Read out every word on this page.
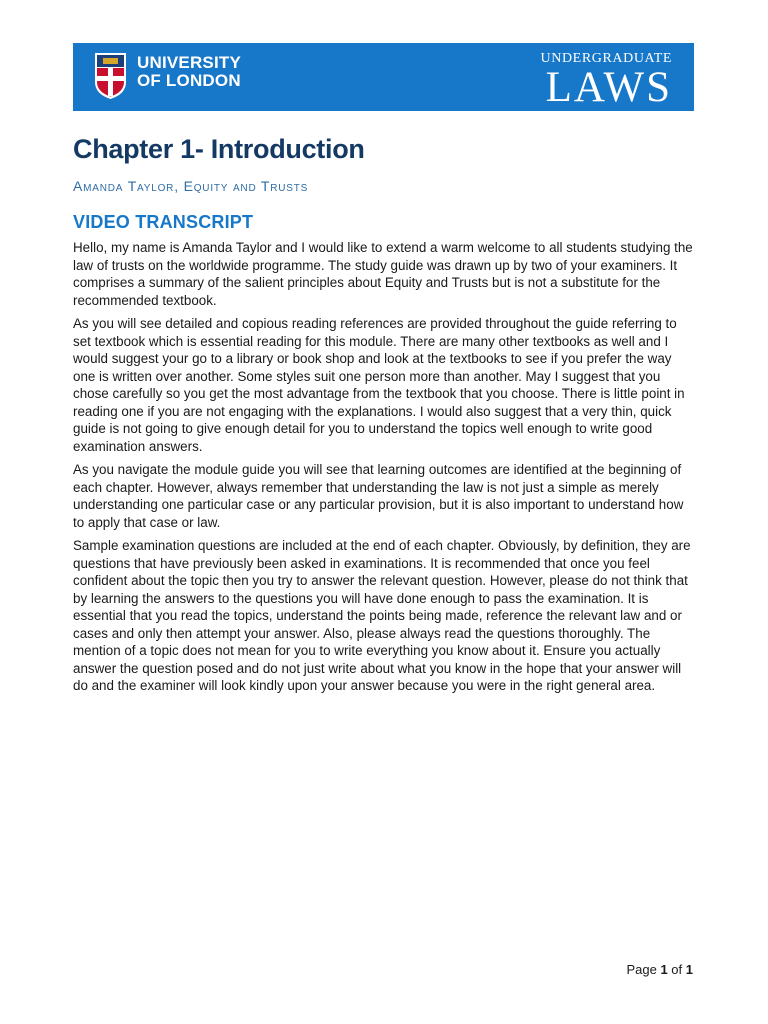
UNIVERSITY
OF LONDON
UNDERGRADUATE
LAWS
Chapter 1- Introduction
Amanda Taylor, Equity and Trusts
VIDEO TRANSCRIPT

Hello, my name is Amanda Taylor and I would like to extend a warm welcome to all students studying the law of trusts on the worldwide programme. The study guide was drawn up by two of your examiners. It comprises a summary of the salient principles about Equity and Trusts but is not a substitute for the recommended textbook.

As you will see detailed and copious reading references are provided throughout the guide referring to set textbook which is essential reading for this module. There are many other textbooks as well and I would suggest your go to a library or book shop and look at the textbooks to see if you prefer the way one is written over another. Some styles suit one person more than another. May I suggest that you chose carefully so you get the most advantage from the textbook that you choose. There is little point in reading one if you are not engaging with the explanations. I would also suggest that a very thin, quick guide is not going to give enough detail for you to understand the topics well enough to write good examination answers.

As you navigate the module guide you will see that learning outcomes are identified at the beginning of each chapter. However, always remember that understanding the law is not just a simple as merely understanding one particular case or any particular provision, but it is also important to understand how to apply that case or law.

Sample examination questions are included at the end of each chapter. Obviously, by definition, they are questions that have previously been asked in examinations. It is recommended that once you feel confident about the topic then you try to answer the relevant question. However, please do not think that by learning the answers to the questions you will have done enough to pass the examination. It is essential that you read the topics, understand the points being made, reference the relevant law and or cases and only then attempt your answer. Also, please always read the questions thoroughly. The mention of a topic does not mean for you to write everything you know about it. Ensure you actually answer the question posed and do not just write about what you know in the hope that your answer will do and the examiner will look kindly upon your answer because you were in the right general area.

Page 1 of 1
